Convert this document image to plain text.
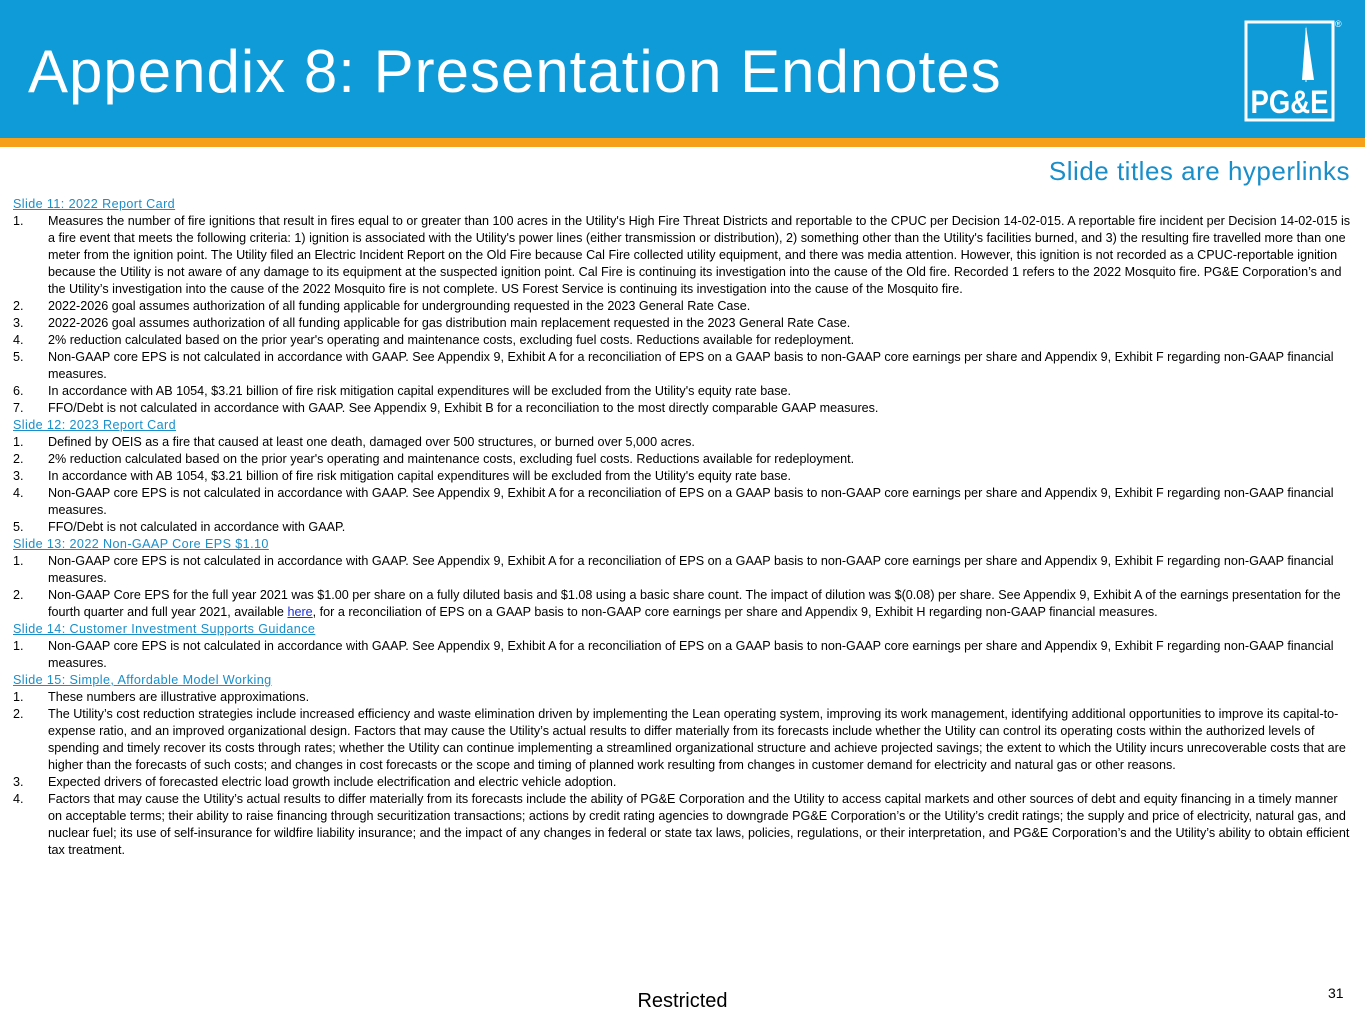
Appendix 8: Presentation Endnotes	PG&E
®
Slide titles are hyperlinks
Slide 11: 2022 Report Card
1. Measures the number of fire ignitions that result in fires equal to or greater than 100 acres in the Utility's High Fire Threat Districts and reportable to the CPUC per Decision 14-02-015. A reportable fire incident per Decision 14-02-015 is a fire event that meets the following criteria: 1) ignition is associated with the Utility's power lines (either transmission or distribution), 2) something other than the Utility's facilities burned, and 3) the resulting fire travelled more than one meter from the ignition point. The Utility filed an Electric Incident Report on the Old Fire because Cal Fire collected utility equipment, and there was media attention. However, this ignition is not recorded as a CPUC-reportable ignition because the Utility is not aware of any damage to its equipment at the suspected ignition point. Cal Fire is continuing its investigation into the cause of the Old fire. Recorded 1 refers to the 2022 Mosquito fire. PG&E Corporation’s and the Utility’s investigation into the cause of the 2022 Mosquito fire is not complete. US Forest Service is continuing its investigation into the cause of the Mosquito fire.
2. 2022-2026 goal assumes authorization of all funding applicable for undergrounding requested in the 2023 General Rate Case.
3. 2022-2026 goal assumes authorization of all funding applicable for gas distribution main replacement requested in the 2023 General Rate Case.
4. 2% reduction calculated based on the prior year's operating and maintenance costs, excluding fuel costs. Reductions available for redeployment.
5. Non-GAAP core EPS is not calculated in accordance with GAAP. See Appendix 9, Exhibit A for a reconciliation of EPS on a GAAP basis to non-GAAP core earnings per share and Appendix 9, Exhibit F regarding non-GAAP financial measures.
6. In accordance with AB 1054, $3.21 billion of fire risk mitigation capital expenditures will be excluded from the Utility's equity rate base.
7. FFO/Debt is not calculated in accordance with GAAP. See Appendix 9, Exhibit B for a reconciliation to the most directly comparable GAAP measures.
Slide 12: 2023 Report Card
1. Defined by OEIS as a fire that caused at least one death, damaged over 500 structures, or burned over 5,000 acres.
2. 2% reduction calculated based on the prior year's operating and maintenance costs, excluding fuel costs. Reductions available for redeployment.
3. In accordance with AB 1054, $3.21 billion of fire risk mitigation capital expenditures will be excluded from the Utility's equity rate base.
4. Non-GAAP core EPS is not calculated in accordance with GAAP. See Appendix 9, Exhibit A for a reconciliation of EPS on a GAAP basis to non-GAAP core earnings per share and Appendix 9, Exhibit F regarding non-GAAP financial measures.
5. FFO/Debt is not calculated in accordance with GAAP.
Slide 13: 2022 Non-GAAP Core EPS $1.10
1. Non-GAAP core EPS is not calculated in accordance with GAAP. See Appendix 9, Exhibit A for a reconciliation of EPS on a GAAP basis to non-GAAP core earnings per share and Appendix 9, Exhibit F regarding non-GAAP financial measures.
2. Non-GAAP Core EPS for the full year 2021 was $1.00 per share on a fully diluted basis and $1.08 using a basic share count. The impact of dilution was $(0.08) per share. See Appendix 9, Exhibit A of the earnings presentation for the fourth quarter and full year 2021, available here, for a reconciliation of EPS on a GAAP basis to non-GAAP core earnings per share and Appendix 9, Exhibit H regarding non-GAAP financial measures.
Slide 14: Customer Investment Supports Guidance
1. Non-GAAP core EPS is not calculated in accordance with GAAP. See Appendix 9, Exhibit A for a reconciliation of EPS on a GAAP basis to non-GAAP core earnings per share and Appendix 9, Exhibit F regarding non-GAAP financial measures.
Slide 15: Simple, Affordable Model Working
1. These numbers are illustrative approximations.
2. The Utility’s cost reduction strategies include increased efficiency and waste elimination driven by implementing the Lean operating system, improving its work management, identifying additional opportunities to improve its capital-to-expense ratio, and an improved organizational design. Factors that may cause the Utility’s actual results to differ materially from its forecasts include whether the Utility can control its operating costs within the authorized levels of spending and timely recover its costs through rates; whether the Utility can continue implementing a streamlined organizational structure and achieve projected savings; the extent to which the Utility incurs unrecoverable costs that are higher than the forecasts of such costs; and changes in cost forecasts or the scope and timing of planned work resulting from changes in customer demand for electricity and natural gas or other reasons.
3. Expected drivers of forecasted electric load growth include electrification and electric vehicle adoption.
4. Factors that may cause the Utility’s actual results to differ materially from its forecasts include the ability of PG&E Corporation and the Utility to access capital markets and other sources of debt and equity financing in a timely manner on acceptable terms; their ability to raise financing through securitization transactions; actions by credit rating agencies to downgrade PG&E Corporation’s or the Utility’s credit ratings; the supply and price of electricity, natural gas, and nuclear fuel; its use of self-insurance for wildfire liability insurance; and the impact of any changes in federal or state tax laws, policies, regulations, or their interpretation, and PG&E Corporation’s and the Utility’s ability to obtain efficient tax treatment.
Restricted	31
